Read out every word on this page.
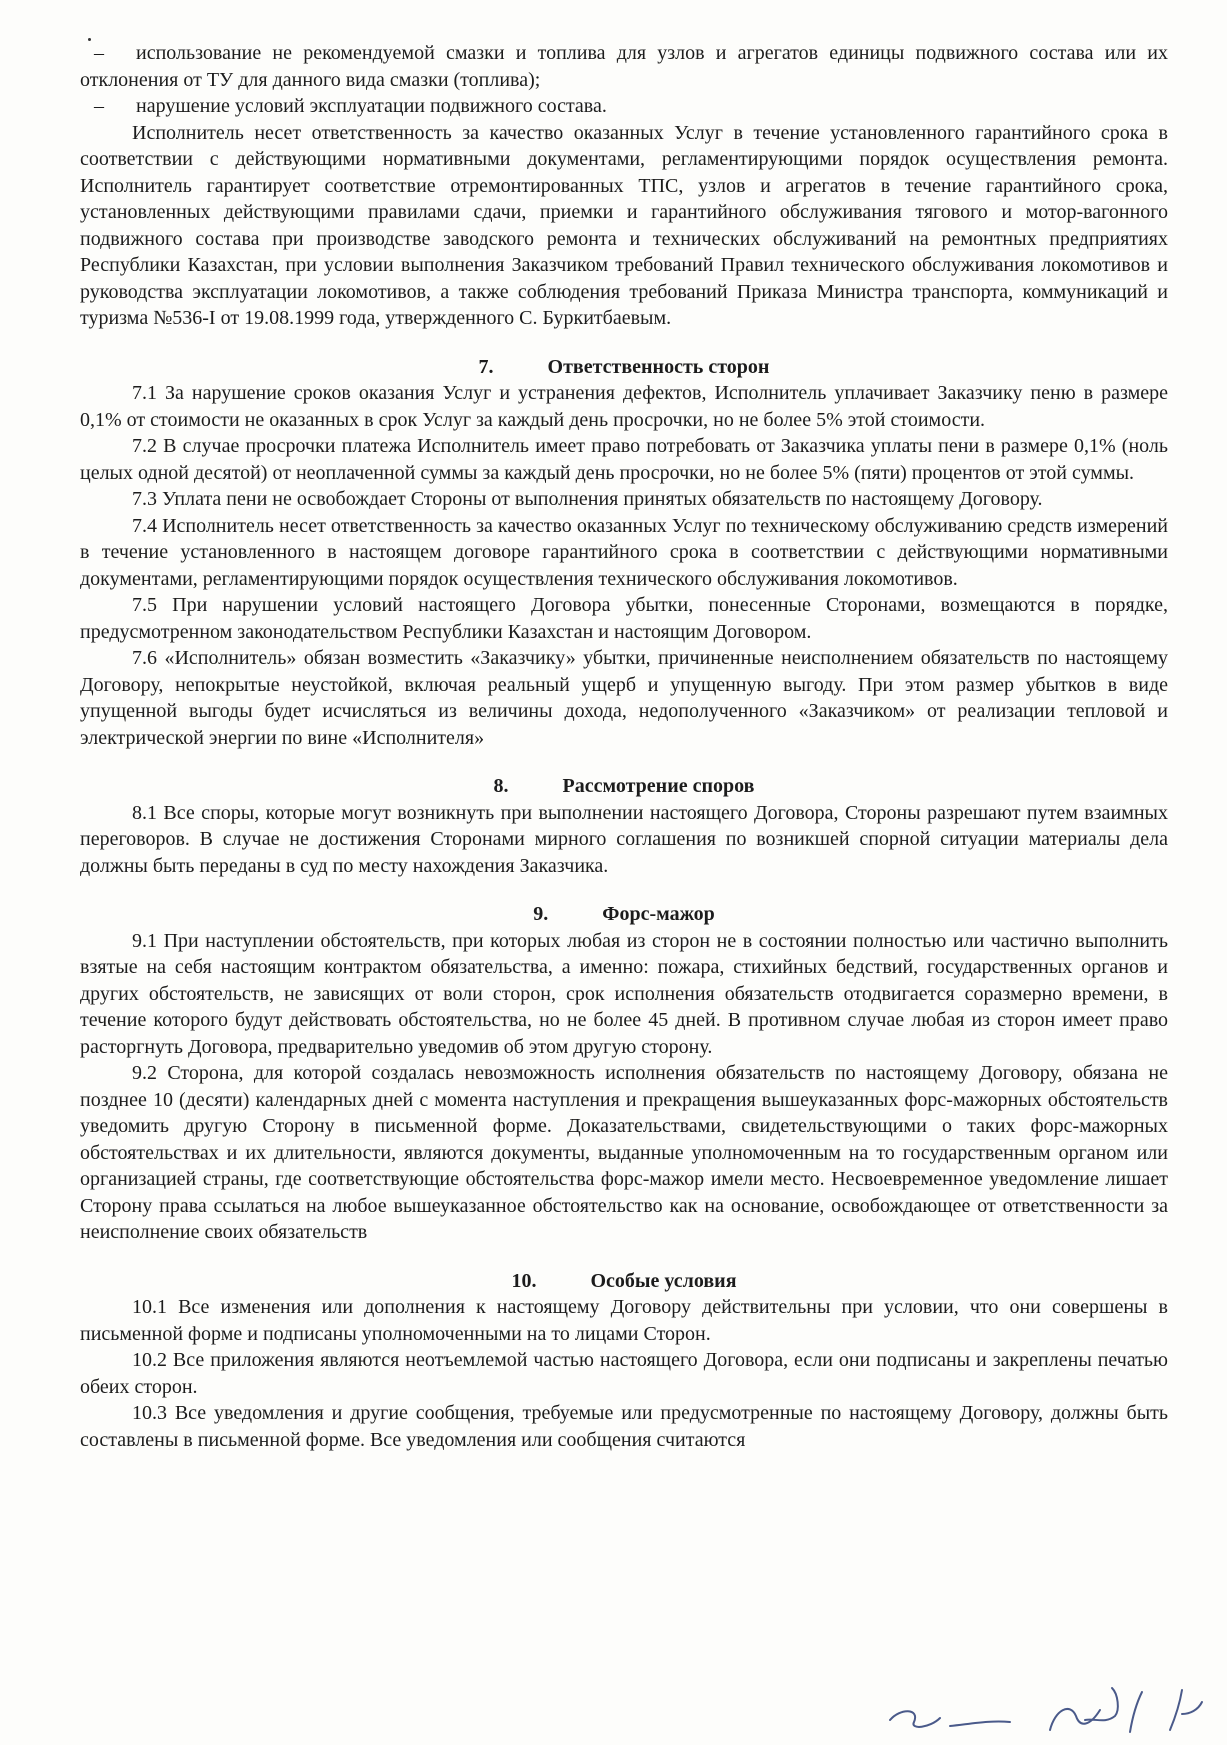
– использование не рекомендуемой смазки и топлива для узлов и агрегатов единицы подвижного состава или их отклонения от ТУ для данного вида смазки (топлива);

– нарушение условий эксплуатации подвижного состава.

Исполнитель несет ответственность за качество оказанных Услуг в течение установленного гарантийного срока в соответствии с действующими нормативными документами, регламентирующими порядок осуществления ремонта. Исполнитель гарантирует соответствие отремонтированных ТПС, узлов и агрегатов в течение гарантийного срока, установленных действующими правилами сдачи, приемки и гарантийного обслуживания тягового и мотор-вагонного подвижного состава при производстве заводского ремонта и технических обслуживаний на ремонтных предприятиях Республики Казахстан, при условии выполнения Заказчиком требований Правил технического обслуживания локомотивов и руководства эксплуатации локомотивов, а также соблюдения требований Приказа Министра транспорта, коммуникаций и туризма №536-I от 19.08.1999 года, утвержденного С. Буркитбаевым.

7.	Ответственность сторон

7.1 За нарушение сроков оказания Услуг и устранения дефектов, Исполнитель уплачивает Заказчику пеню в размере 0,1% от стоимости не оказанных в срок Услуг за каждый день просрочки, но не более 5% этой стоимости.

7.2 В случае просрочки платежа Исполнитель имеет право потребовать от Заказчика уплаты пени в размере 0,1% (ноль целых одной десятой) от неоплаченной суммы за каждый день просрочки, но не более 5% (пяти) процентов от этой суммы.

7.3 Уплата пени не освобождает Стороны от выполнения принятых обязательств по настоящему Договору.

7.4 Исполнитель несет ответственность за качество оказанных Услуг по техническому обслуживанию средств измерений в течение установленного в настоящем договоре гарантийного срока в соответствии с действующими нормативными документами, регламентирующими порядок осуществления технического обслуживания локомотивов.

7.5 При нарушении условий настоящего Договора убытки, понесенные Сторонами, возмещаются в порядке, предусмотренном законодательством Республики Казахстан и настоящим Договором.

7.6 «Исполнитель» обязан возместить «Заказчику» убытки, причиненные неисполнением обязательств по настоящему Договору, непокрытые неустойкой, включая реальный ущерб и упущенную выгоду. При этом размер убытков в виде упущенной выгоды будет исчисляться из величины дохода, недополученного «Заказчиком» от реализации тепловой и электрической энергии по вине «Исполнителя»

8.	Рассмотрение споров

8.1 Все споры, которые могут возникнуть при выполнении настоящего Договора, Стороны разрешают путем взаимных переговоров. В случае не достижения Сторонами мирного соглашения по возникшей спорной ситуации материалы дела должны быть переданы в суд по месту нахождения Заказчика.

9.	Форс-мажор

9.1 При наступлении обстоятельств, при которых любая из сторон не в состоянии полностью или частично выполнить взятые на себя настоящим контрактом обязательства, а именно: пожара, стихийных бедствий, государственных органов и других обстоятельств, не зависящих от воли сторон, срок исполнения обязательств отодвигается соразмерно времени, в течение которого будут действовать обстоятельства, но не более 45 дней. В противном случае любая из сторон имеет право расторгнуть Договора, предварительно уведомив об этом другую сторону.

9.2 Сторона, для которой создалась невозможность исполнения обязательств по настоящему Договору, обязана не позднее 10 (десяти) календарных дней с момента наступления и прекращения вышеуказанных форс-мажорных обстоятельств уведомить другую Сторону в письменной форме. Доказательствами, свидетельствующими о таких форс-мажорных обстоятельствах и их длительности, являются документы, выданные уполномоченным на то государственным органом или организацией страны, где соответствующие обстоятельства форс-мажор имели место. Несвоевременное уведомление лишает Сторону права ссылаться на любое вышеуказанное обстоятельство как на основание, освобождающее от ответственности за неисполнение своих обязательств

10.	Особые условия

10.1 Все изменения или дополнения к настоящему Договору действительны при условии, что они совершены в письменной форме и подписаны уполномоченными на то лицами Сторон.

10.2 Все приложения являются неотъемлемой частью настоящего Договора, если они подписаны и закреплены печатью обеих сторон.

10.3 Все уведомления и другие сообщения, требуемые или предусмотренные по настоящему Договору, должны быть составлены в письменной форме. Все уведомления или сообщения считаются
